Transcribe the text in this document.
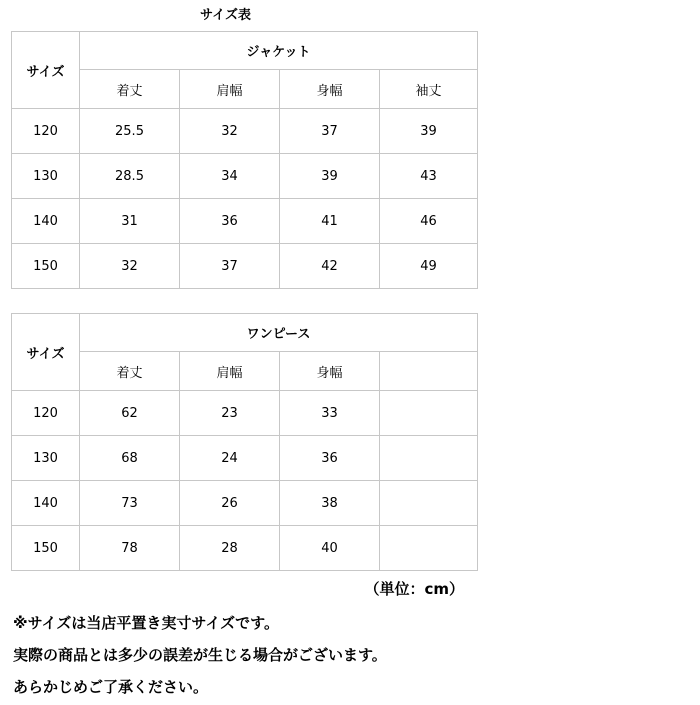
サイズ表
サイズ	ジャケット			
	着丈	肩幅	身幅	袖丈
120	25.5	32	37	39
130	28.5	34	39	43
140	31	36	41	46
150	32	37	42	49
サイズ	ワンピース			
	着丈	肩幅	身幅	
120	62	23	33	
130	68	24	36	
140	73	26	38	
150	78	28	40	
（単位：cm）
※サイズは当店平置き実寸サイズです。
実際の商品とは多少の誤差が生じる場合がございます。
あらかじめご了承ください。
